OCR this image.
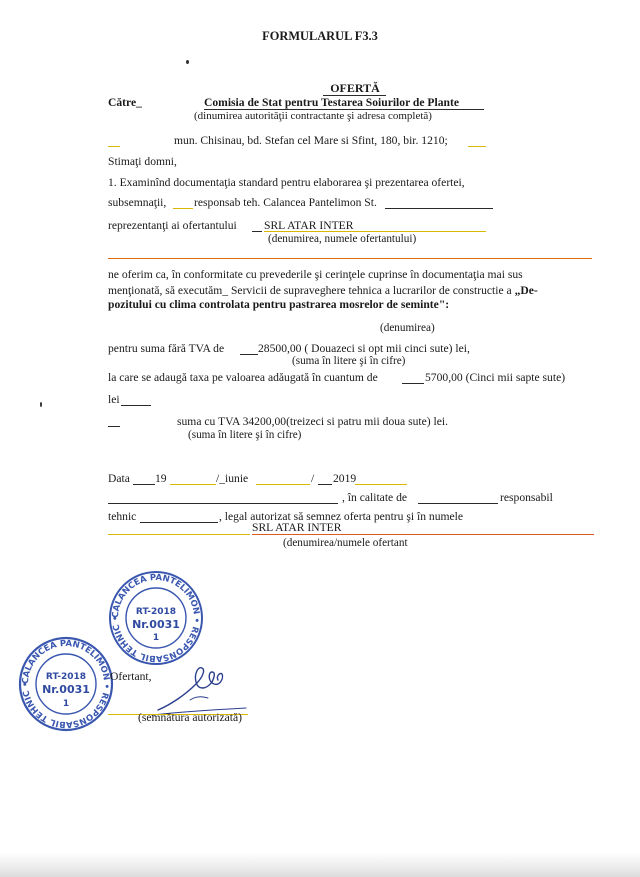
FORMULARUL F3.3
OFERTĂ
Către_	Comisia de Stat pentru Testarea Soiurilor de Plante
(dinumirea autorităţii contractante şi adresa completă)
mun. Chisinau, bd. Stefan cel Mare si Sfint, 180, bir. 1210;
Stimaţi domni,
1. Examinînd documentaţia standard pentru elaborarea şi prezentarea ofertei,
subsemnaţii, responsab teh. Calancea Pantelimon St.
reprezentanţi ai ofertantului SRL ATAR INTER
(denumirea, numele ofertantului)
ne oferim ca, în conformitate cu prevederile şi cerinţele cuprinse în documentaţia mai sus
menţionată, să executăm_ Servicii de supraveghere tehnica a lucrarilor de constructie a „De-
pozitului cu clima controlata pentru pastrarea mosrelor de seminte":
(denumirea)
pentru suma fără TVA de	28500,00 ( Douazeci si opt mii cinci sute) lei,
(suma în litere şi în cifre)
la care se adaugă taxa pe valoarea adăugată în cuantum de	5700,00 (Cinci mii sapte sute)
lei
suma cu TVA 34200,00(treizeci si patru mii doua sute) lei.
(suma în litere şi în cifre)
Data 19	/_iunie	/ 2019
, în calitate de	responsabil
tehnic	, legal autorizat să semnez oferta pentru şi în numele
SRL ATAR INTER
(denumirea/numele ofertant
CALANCEA PANTELIMON • RESPONSABIL TEHNIC •
RT-2018
Nr.0031
1
CALANCEA PANTELIMON • RESPONSABIL TEHNIC •
RT-2018
Nr.0031
1
Ofertant,
(semnătura autorizată)
